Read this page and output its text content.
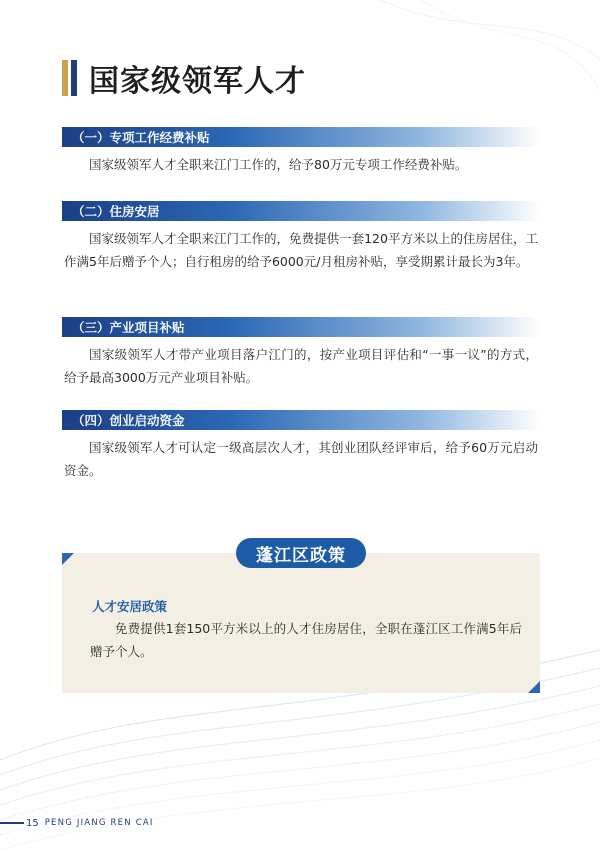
国家级领军人才
（一）专项工作经费补贴

国家级领军人才全职来江门工作的，给予80万元专项工作经费补贴。

（二）住房安居

国家级领军人才全职来江门工作的，免费提供一套120平方米以上的住房居住，工作满5年后赠予个人；自行租房的给予6000元/月租房补贴，享受期累计最长为3年。

（三）产业项目补贴

国家级领军人才带产业项目落户江门的，按产业项目评估和“一事一议”的方式，给予最高3000万元产业项目补贴。

（四）创业启动资金

国家级领军人才可认定一级高层次人才，其创业团队经评审后，给予60万元启动资金。

人才安居政策

免费提供1套150平方米以上的人才住房居住，全职在蓬江区工作满5年后赠予个人。

蓬江区政策
15 PENG JIANG REN CAI
